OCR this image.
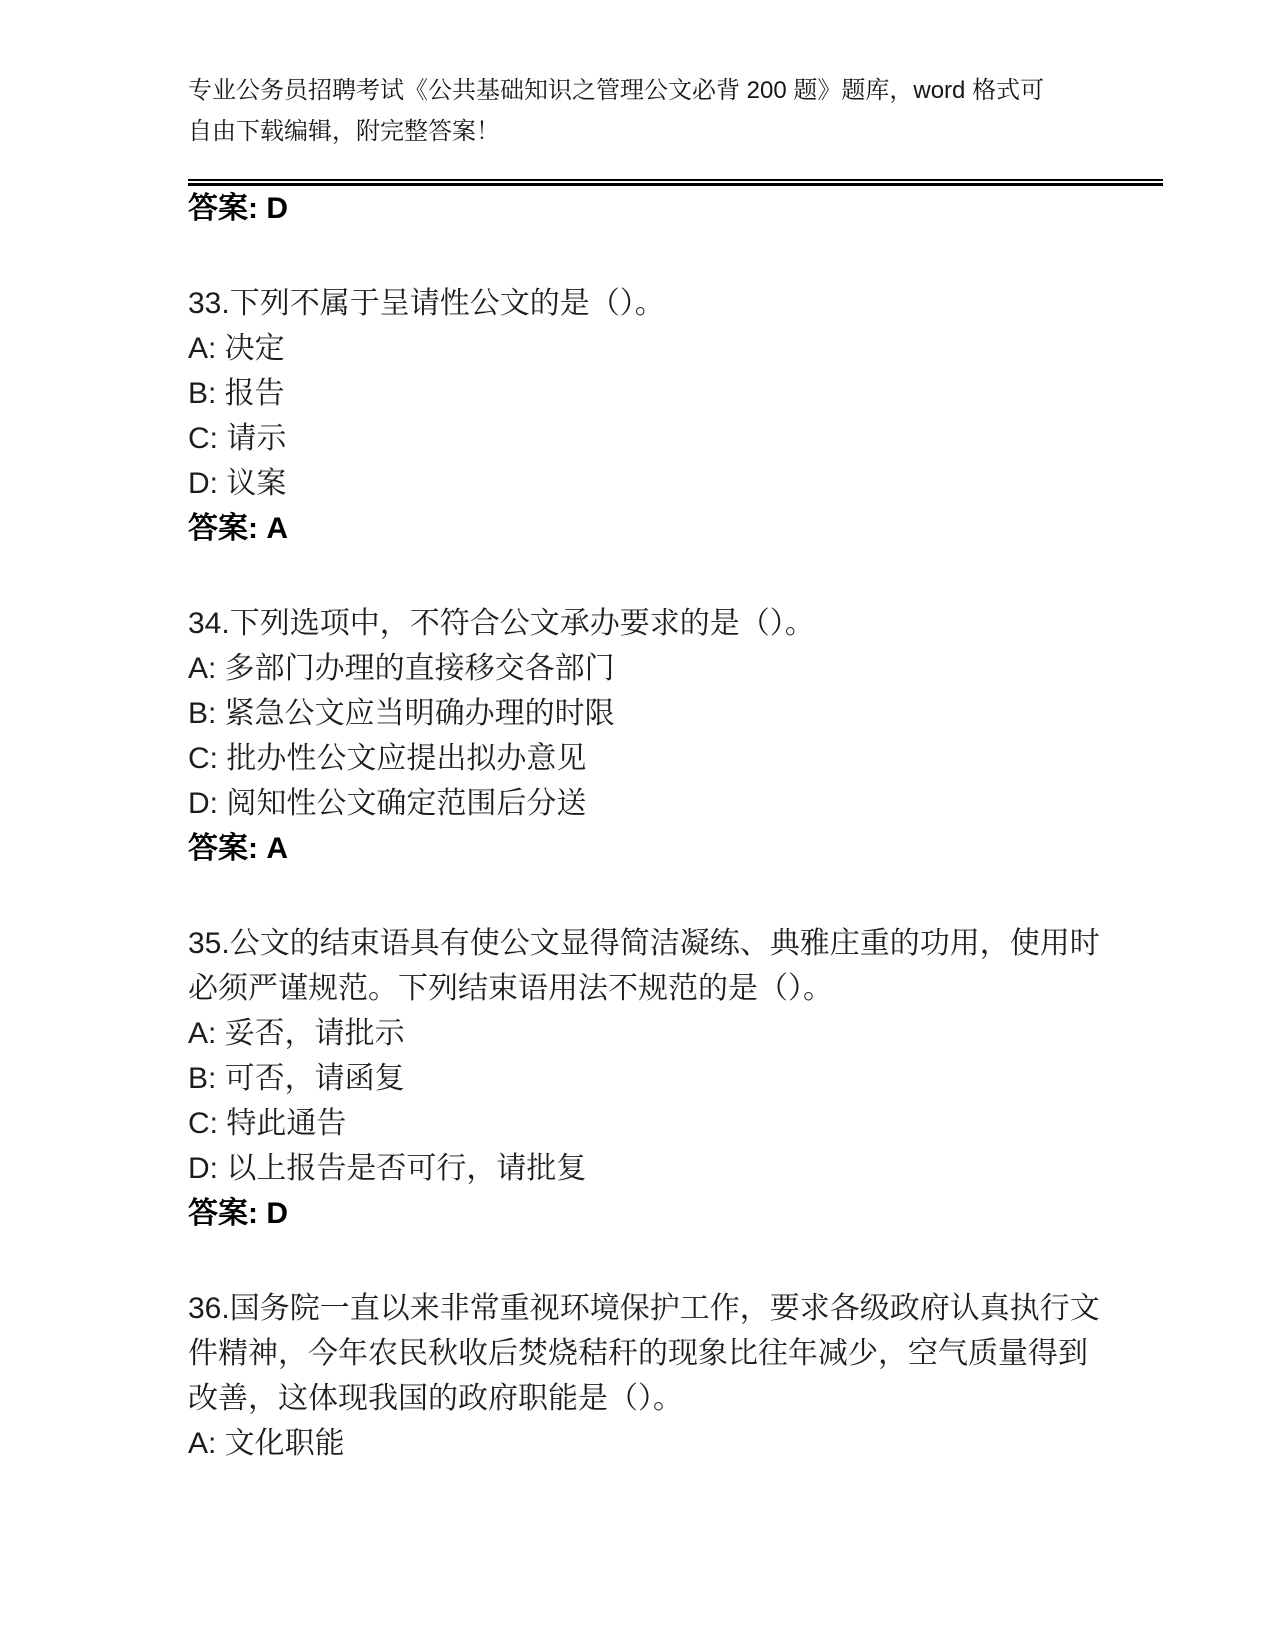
专业公务员招聘考试《公共基础知识之管理公文必背 200 题》题库，word 格式可

自由下载编辑，附完整答案！

答案: D

33.下列不属于呈请性公文的是（）。

A: 决定

B: 报告

C: 请示

D: 议案

答案: A

34.下列选项中，不符合公文承办要求的是（）。

A: 多部门办理的直接移交各部门

B: 紧急公文应当明确办理的时限

C: 批办性公文应提出拟办意见

D: 阅知性公文确定范围后分送

答案: A

35.公文的结束语具有使公文显得简洁凝练、典雅庄重的功用，使用时

必须严谨规范。下列结束语用法不规范的是（）。

A: 妥否，请批示

B: 可否，请函复

C: 特此通告

D: 以上报告是否可行，请批复

答案: D

36.国务院一直以来非常重视环境保护工作，要求各级政府认真执行文

件精神，今年农民秋收后焚烧秸秆的现象比往年减少，空气质量得到

改善，这体现我国的政府职能是（）。

A: 文化职能
